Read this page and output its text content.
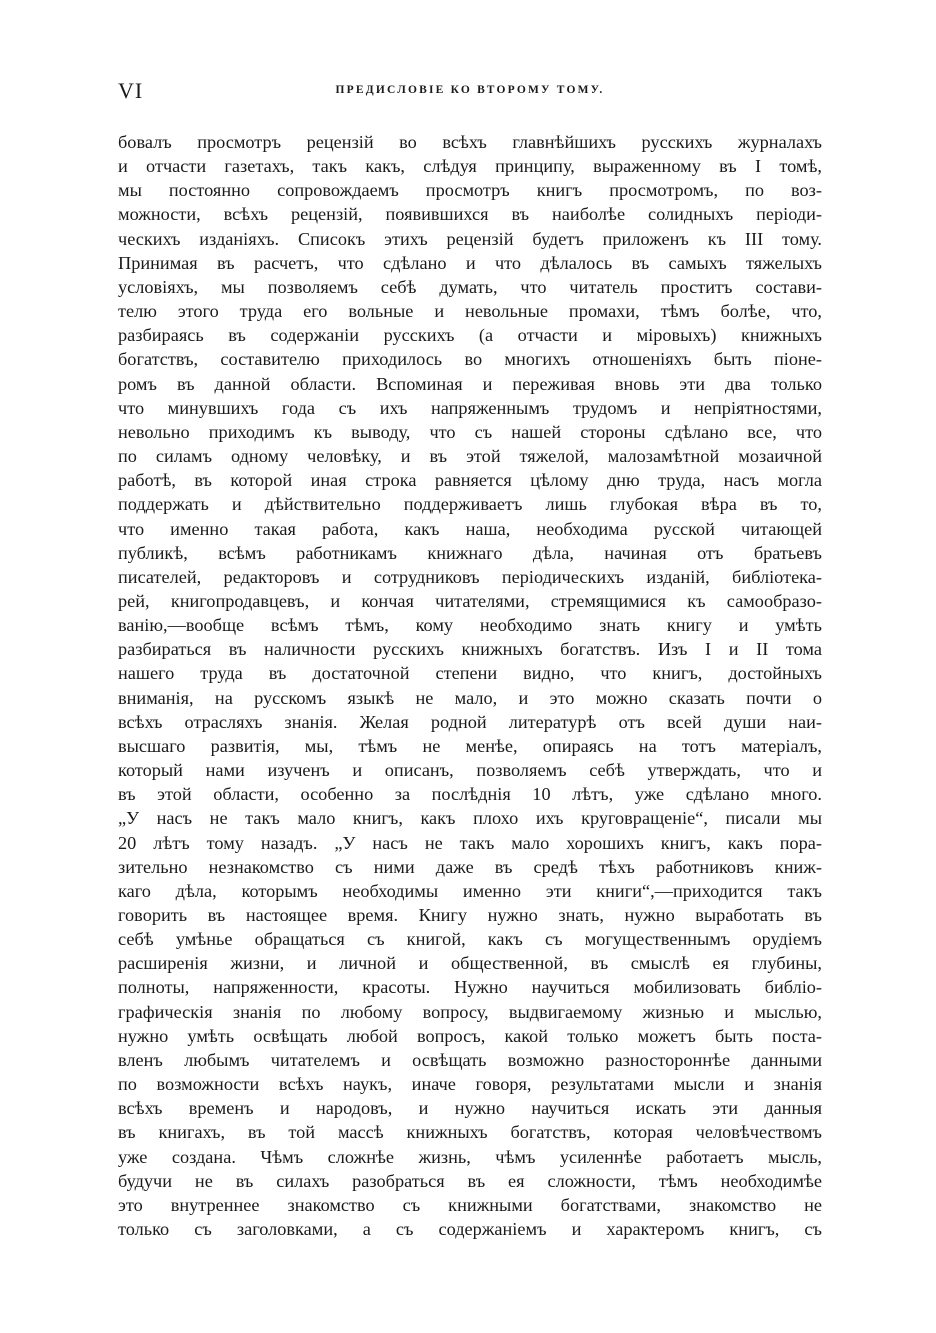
VI	ПРЕДИСЛОВІЕ КО ВТОРОМУ ТОМУ.
бовалъ просмотръ рецензій во всѣхъ главнѣйшихъ русскихъ журналахъ
и отчасти газетахъ, такъ какъ, слѣдуя принципу, выраженному въ I томѣ,
мы постоянно сопровождаемъ просмотръ книгъ просмотромъ, по воз-
можности, всѣхъ рецензій, появившихся въ наиболѣе солидныхъ періоди-
ческихъ изданіяхъ. Списокъ этихъ рецензій будетъ приложенъ къ III тому.
Принимая въ расчетъ, что сдѣлано и что дѣлалось въ самыхъ тяжелыхъ
условіяхъ, мы позволяемъ себѣ думать, что читатель проститъ состави-
телю этого труда его вольные и невольные промахи, тѣмъ болѣе, что,
разбираясь въ содержаніи русскихъ (а отчасти и міровыхъ) книжныхъ
богатствъ, составителю приходилось во многихъ отношеніяхъ быть піоне-
ромъ въ данной области. Вспоминая и переживая вновь эти два только
что минувшихъ года съ ихъ напряженнымъ трудомъ и непріятностями,
невольно приходимъ къ выводу, что съ нашей стороны сдѣлано все, что
по силамъ одному человѣку, и въ этой тяжелой, малозамѣтной мозаичной
работѣ, въ которой иная строка равняется цѣлому дню труда, насъ могла
поддержать и дѣйствительно поддерживаетъ лишь глубокая вѣра въ то,
что именно такая работа, какъ наша, необходима русской читающей
публикѣ, всѣмъ работникамъ книжнаго дѣла, начиная отъ братьевъ
писателей, редакторовъ и сотрудниковъ періодическихъ изданій, библіотека-
рей, книгопродавцевъ, и кончая читателями, стремящимися къ самообразо-
ванію,—вообще всѣмъ тѣмъ, кому необходимо знать книгу и умѣть
разбираться въ наличности русскихъ книжныхъ богатствъ. Изъ I и II тома
нашего труда въ достаточной степени видно, что книгъ, достойныхъ
вниманія, на русскомъ языкѣ не мало, и это можно сказать почти о
всѣхъ отрасляхъ знанія. Желая родной литературѣ отъ всей души наи-
высшаго развитія, мы, тѣмъ не менѣе, опираясь на тотъ матеріалъ,
который нами изученъ и описанъ, позволяемъ себѣ утверждать, что и
въ этой области, особенно за послѣднія 10 лѣтъ, уже сдѣлано много.
„У насъ не такъ мало книгъ, какъ плохо ихъ круговращеніе“, писали мы
20 лѣтъ тому назадъ. „У насъ не такъ мало хорошихъ книгъ, какъ пора-
зительно незнакомство съ ними даже въ средѣ тѣхъ работниковъ книж-
каго дѣла, которымъ необходимы именно эти книги“,—приходится такъ
говорить въ настоящее время. Книгу нужно знать, нужно выработать въ
себѣ умѣнье обращаться съ книгой, какъ съ могущественнымъ орудіемъ
расширенія жизни, и личной и общественной, въ смыслѣ ея глубины,
полноты, напряженности, красоты. Нужно научиться мобилизовать библіо-
графическія знанія по любому вопросу, выдвигаемому жизнью и мыслью,
нужно умѣть освѣщать любой вопросъ, какой только можетъ быть поста-
вленъ любымъ читателемъ и освѣщать возможно разностороннѣе данными
по возможности всѣхъ наукъ, иначе говоря, результатами мысли и знанія
всѣхъ временъ и народовъ, и нужно научиться искать эти данныя
въ книгахъ, въ той массѣ книжныхъ богатствъ, которая человѣчествомъ
уже создана. Чѣмъ сложнѣе жизнь, чѣмъ усиленнѣе работаетъ мысль,
будучи не въ силахъ разобраться въ ея сложности, тѣмъ необходимѣе
это внутреннее знакомство съ книжными богатствами, знакомство не
только съ заголовками, а съ содержаніемъ и характеромъ книгъ, съ
